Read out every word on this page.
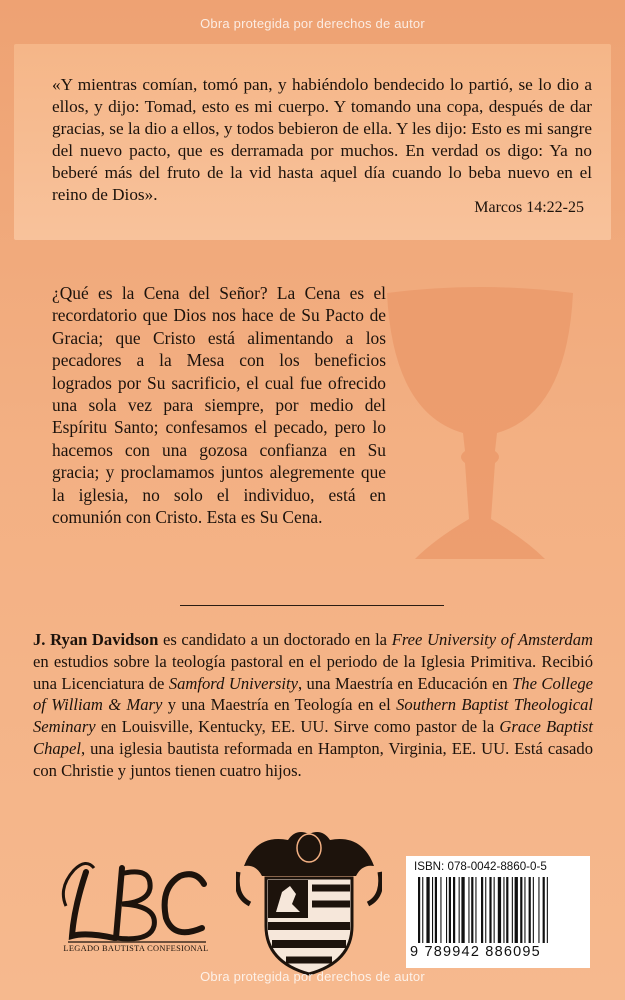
Obra protegida por derechos de autor
«Y mientras comían, tomó pan, y habiéndolo bendecido lo partió, se lo dio a ellos, y dijo: Tomad, esto es mi cuerpo. Y tomando una copa, después de dar gracias, se la dio a ellos, y todos bebieron de ella. Y les dijo: Esto es mi sangre del nuevo pacto, que es derramada por muchos. En verdad os digo: Ya no beberé más del fruto de la vid hasta aquel día cuando lo beba nuevo en el reino de Dios».
Marcos 14:22-25
¿Qué es la Cena del Señor? La Cena es el recordatorio que Dios nos hace de Su Pacto de Gracia; que Cristo está alimentando a los pecadores a la Mesa con los beneficios logrados por Su sacrificio, el cual fue ofrecido una sola vez para siempre, por medio del Espíritu Santo; confesamos el pecado, pero lo hacemos con una gozosa confianza en Su gracia; y proclamamos juntos alegremente que la iglesia, no solo el individuo, está en comunión con Cristo. Esta es Su Cena.
J. Ryan Davidson es candidato a un doctorado en la Free University of Amsterdam en estudios sobre la teología pastoral en el periodo de la Iglesia Primitiva. Recibió una Licenciatura de Samford University, una Maestría en Educación en The College of William & Mary y una Maestría en Teología en el Southern Baptist Theological Seminary en Louisville, Kentucky, EE. UU. Sirve como pastor de la Grace Baptist Chapel, una iglesia bautista reformada en Hampton, Virginia, EE. UU. Está casado con Christie y juntos tienen cuatro hijos.
LEGADO BAUTISTA CONFESIONAL
ISBN: 078-0042-8860-0-5
9 789942 886095
Obra protegida por derechos de autor
